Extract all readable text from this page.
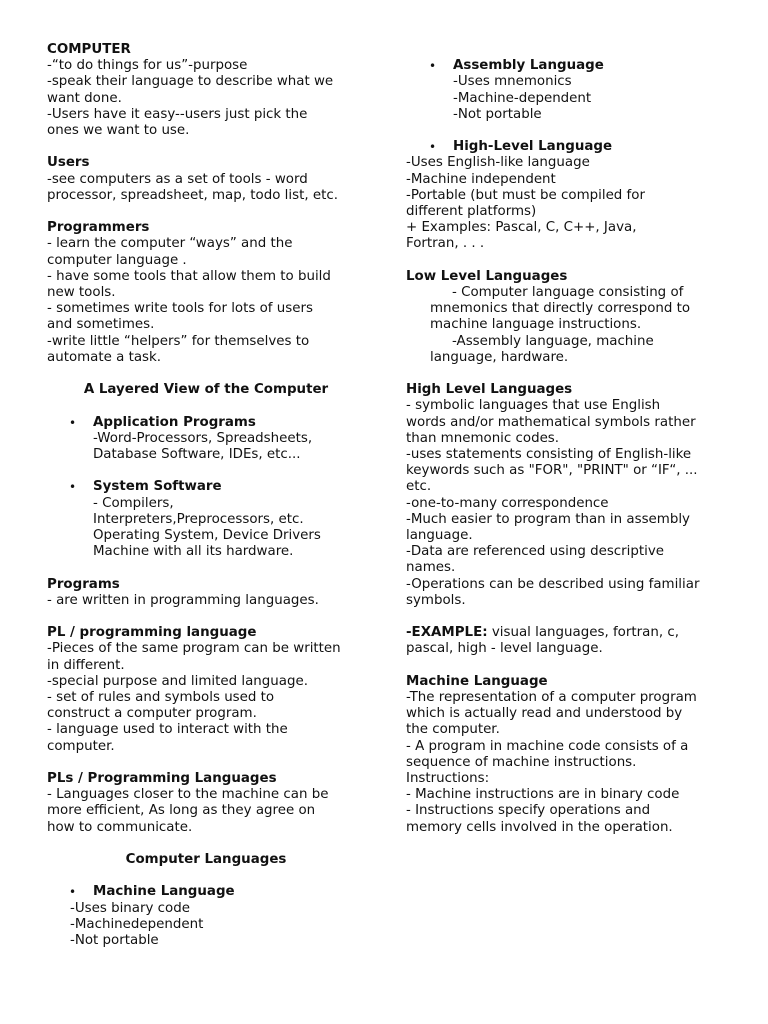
COMPUTER
-“to do things for us”-purpose
-speak their language to describe what we
want done.
-Users have it easy--users just pick the
ones we want to use.
Users
-see computers as a set of tools - word
processor, spreadsheet, map, todo list, etc.
Programmers
- learn the computer “ways” and the
computer language .
- have some tools that allow them to build
new tools.
- sometimes write tools for lots of users
and sometimes.
-write little “helpers” for themselves to
automate a task.
A Layered View of the Computer
• Application Programs
-Word-Processors, Spreadsheets,
Database Software, IDEs, etc...
• System Software
- Compilers,
Interpreters,Preprocessors, etc.
Operating System, Device Drivers
Machine with all its hardware.
Programs
- are written in programming languages.
PL / programming language
-Pieces of the same program can be written
in different.
-special purpose and limited language.
- set of rules and symbols used to
construct a computer program.
- language used to interact with the
computer.
PLs / Programming Languages
- Languages closer to the machine can be
more efficient, As long as they agree on
how to communicate.
Computer Languages
• Machine Language
-Uses binary code
-Machinedependent
-Not portable
• Assembly Language
-Uses mnemonics
-Machine-dependent
-Not portable
• High-Level Language
-Uses English-like language
-Machine independent
-Portable (but must be compiled for
different platforms)
+ Examples: Pascal, C, C++, Java,
Fortran, . . .
Low Level Languages
- Computer language consisting of
mnemonics that directly correspond to
machine language instructions.
-Assembly language, machine
language, hardware.
High Level Languages
- symbolic languages that use English
words and/or mathematical symbols rather
than mnemonic codes.
-uses statements consisting of English-like
keywords such as "FOR", "PRINT" or “IF“, ...
etc.
-one-to-many correspondence
-Much easier to program than in assembly
language.
-Data are referenced using descriptive
names.
-Operations can be described using familiar
symbols.
-EXAMPLE: visual languages, fortran, c,
pascal, high - level language.
Machine Language
-The representation of a computer program
which is actually read and understood by
the computer.
- A program in machine code consists of a
sequence of machine instructions.
Instructions:
- Machine instructions are in binary code
- Instructions specify operations and
memory cells involved in the operation.
